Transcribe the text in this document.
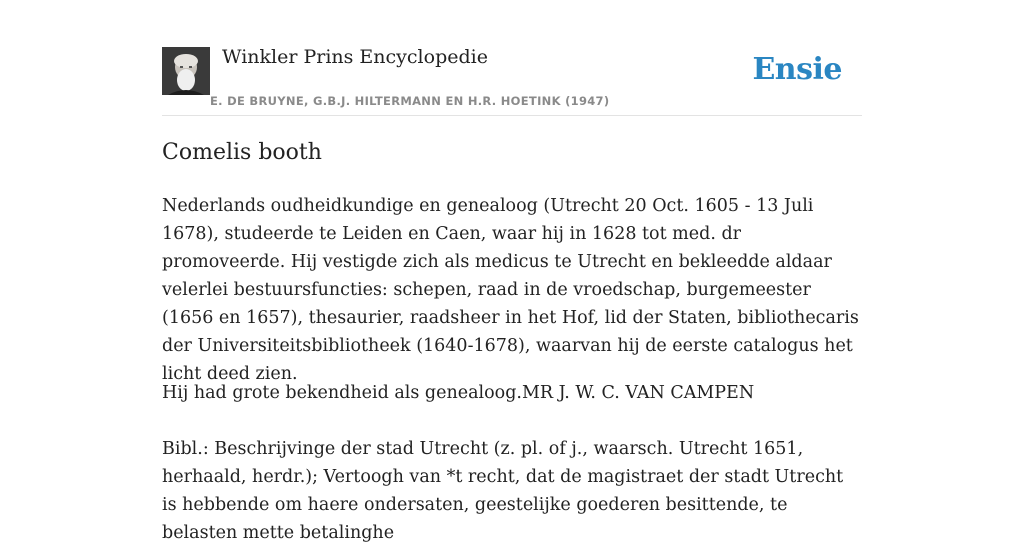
Winkler Prins Encyclopedie
E. DE BRUYNE, G.B.J. HILTERMANN EN H.R. HOETINK (1947)
Ensie
Comelis booth

Nederlands oudheidkundige en genealoog (Utrecht 20 Oct. 1605 - 13 Juli 1678), studeerde te Leiden en Caen, waar hij in 1628 tot med. dr promoveerde. Hij vestigde zich als medicus te Utrecht en bekleedde aldaar velerlei bestuursfuncties: schepen, raad in de vroedschap, burgemeester (1656 en 1657), thesaurier, raadsheer in het Hof, lid der Staten, bibliothecaris der Universiteitsbibliotheek (1640-1678), waarvan hij de eerste catalogus het licht deed zien.

Hij had grote bekendheid als genealoog.MR J. W. C. VAN CAMPEN

Bibl.: Beschrijvinge der stad Utrecht (z. pl. of j., waarsch. Utrecht 1651, herhaald, herdr.); Vertoogh van *t recht, dat de magistraet der stadt Utrecht is hebbende om haere ondersaten, geestelijke goederen besittende, te belasten mette betalinghe
